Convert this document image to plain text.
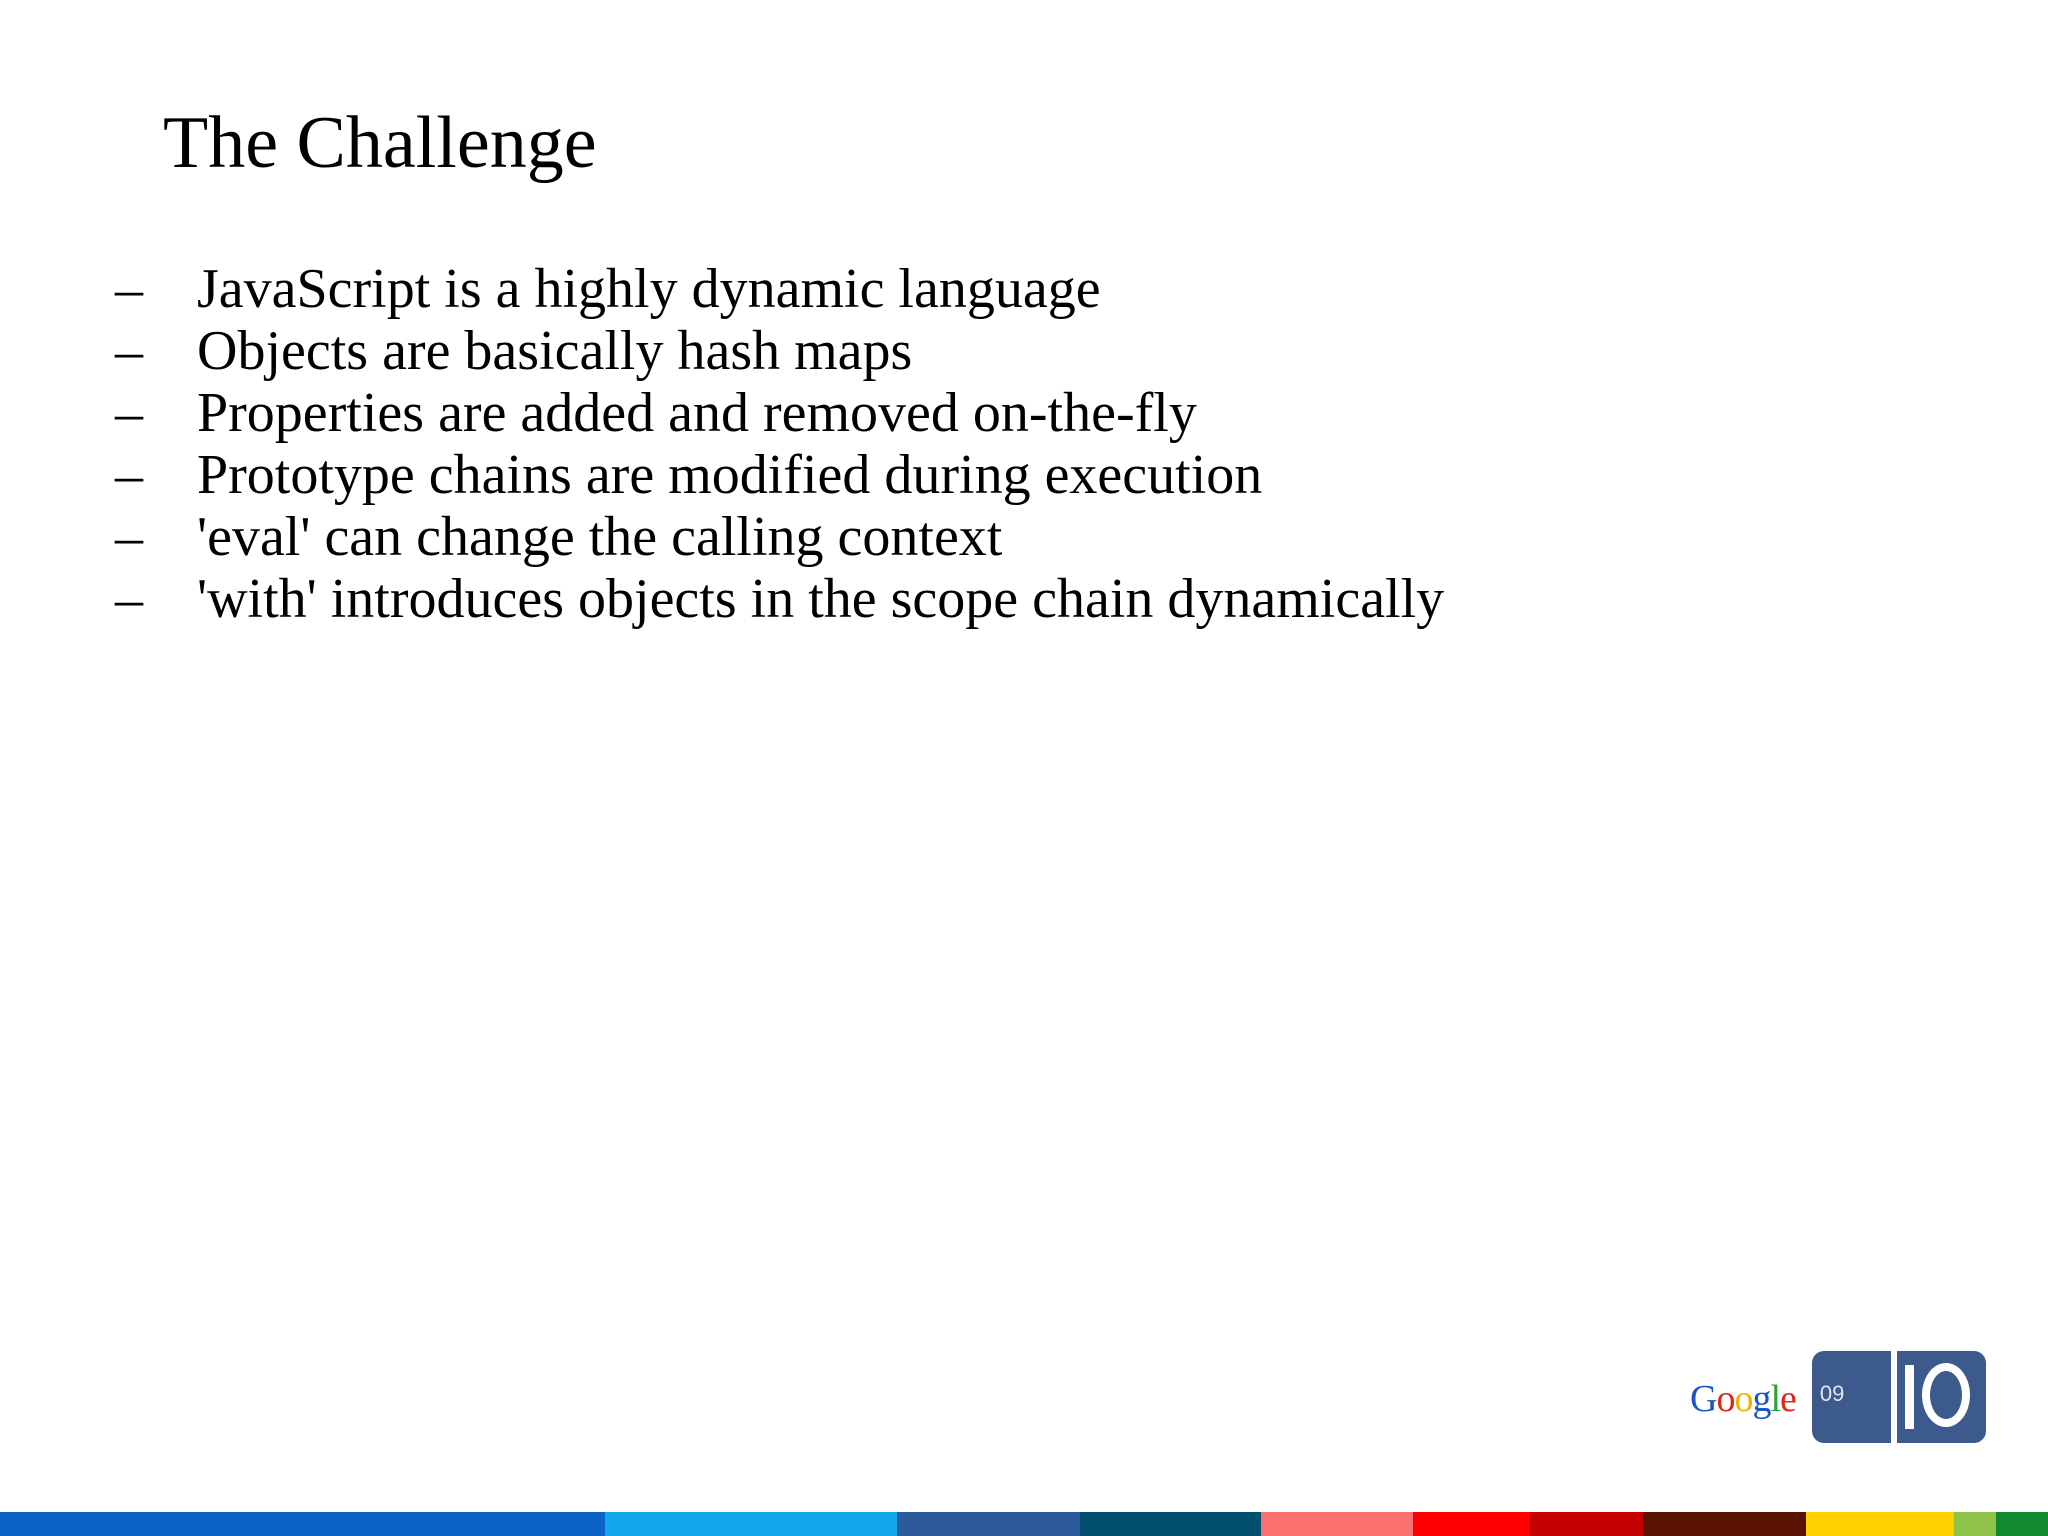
The Challenge
– JavaScript is a highly dynamic language
– Objects are basically hash maps
– Properties are added and removed on-the-fly
– Prototype chains are modified during execution
– 'eval' can change the calling context
– 'with' introduces objects in the scope chain dynamically
Google 09
